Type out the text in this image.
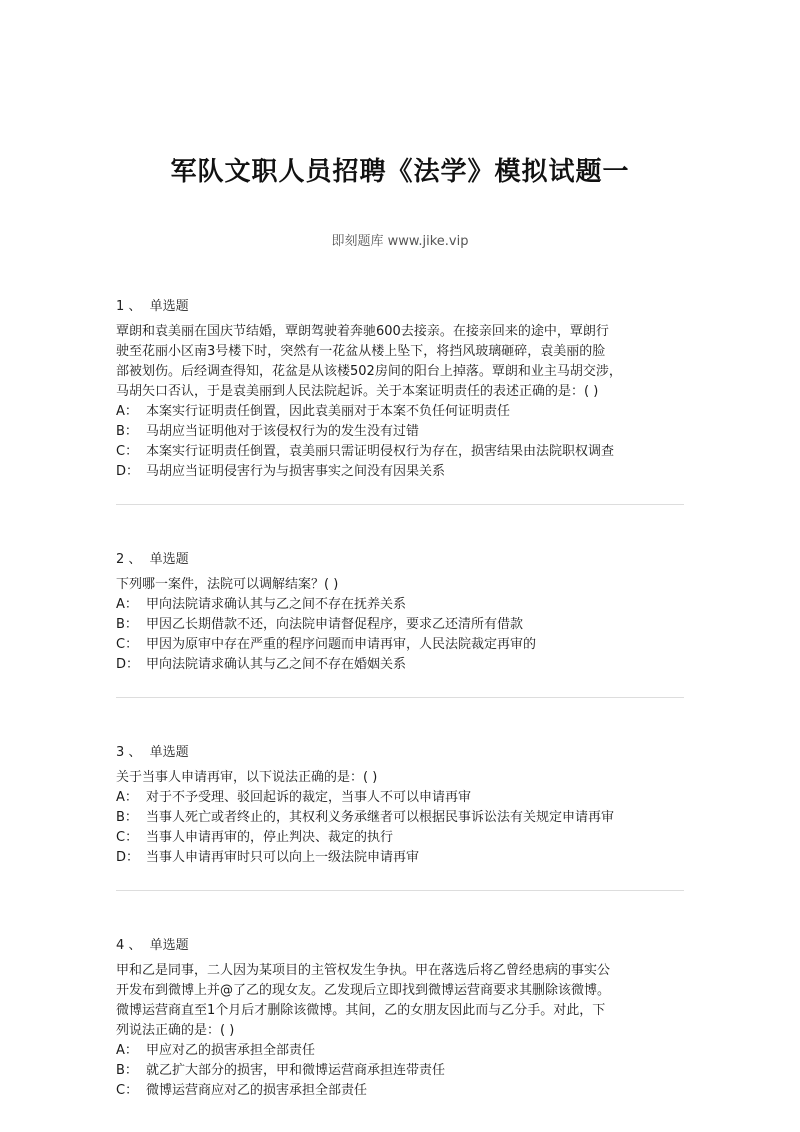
军队文职人员招聘《法学》模拟试题一
即刻题库 www.jike.vip
1 、 单选题
覃朗和袁美丽在国庆节结婚，覃朗驾驶着奔驰600去接亲。在接亲回来的途中，覃朗行
驶至花丽小区南3号楼下时，突然有一花盆从楼上坠下，将挡风玻璃砸碎，袁美丽的脸
部被划伤。后经调查得知，花盆是从该楼502房间的阳台上掉落。覃朗和业主马胡交涉，
马胡矢口否认，于是袁美丽到人民法院起诉。关于本案证明责任的表述正确的是：( )
A： 本案实行证明责任倒置，因此袁美丽对于本案不负任何证明责任
B： 马胡应当证明他对于该侵权行为的发生没有过错
C： 本案实行证明责任倒置，袁美丽只需证明侵权行为存在，损害结果由法院职权调查
D： 马胡应当证明侵害行为与损害事实之间没有因果关系
2 、 单选题
下列哪一案件，法院可以调解结案？( )
A： 甲向法院请求确认其与乙之间不存在抚养关系
B： 甲因乙长期借款不还，向法院申请督促程序，要求乙还清所有借款
C： 甲因为原审中存在严重的程序问题而申请再审，人民法院裁定再审的
D： 甲向法院请求确认其与乙之间不存在婚姻关系
3 、 单选题
关于当事人申请再审，以下说法正确的是：( )
A： 对于不予受理、驳回起诉的裁定，当事人不可以申请再审
B： 当事人死亡或者终止的，其权利义务承继者可以根据民事诉讼法有关规定申请再审
C： 当事人申请再审的，停止判决、裁定的执行
D： 当事人申请再审时只可以向上一级法院申请再审
4 、 单选题
甲和乙是同事，二人因为某项目的主管权发生争执。甲在落选后将乙曾经患病的事实公
开发布到微博上并@了乙的现女友。乙发现后立即找到微博运营商要求其删除该微博。
微博运营商直至1个月后才删除该微博。其间，乙的女朋友因此而与乙分手。对此，下
列说法正确的是：( )
A： 甲应对乙的损害承担全部责任
B： 就乙扩大部分的损害，甲和微博运营商承担连带责任
C： 微博运营商应对乙的损害承担全部责任
